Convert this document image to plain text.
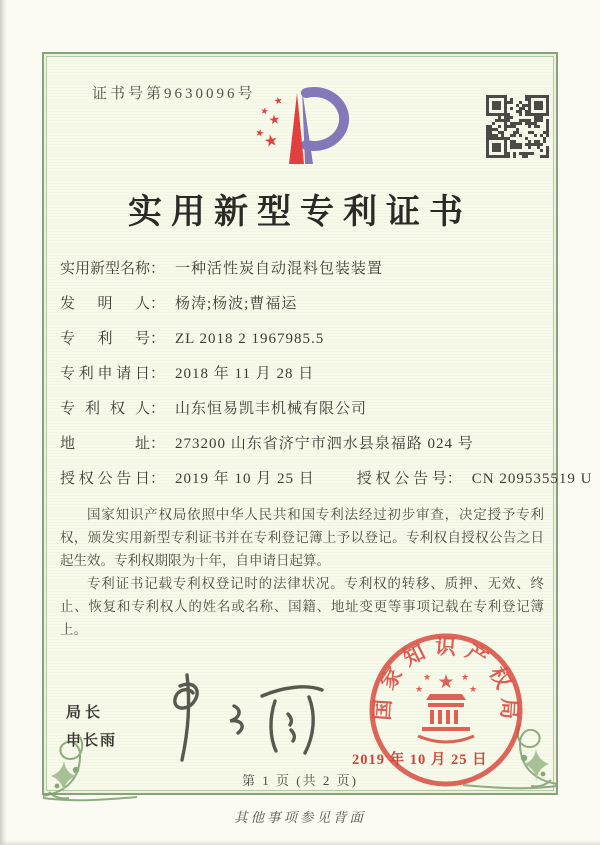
证书号第9630096号 ★
★
★
★
★
实用新型专利证书
实用新型名称： 一种活性炭自动混料包装装置
发明人： 杨涛;杨波;曹福运
专利号： ZL 2018 2 1967985.5
专利申请日： 2018 年 11 月 28 日
专利权人： 山东恒易凯丰机械有限公司
地址： 273200 山东省济宁市泗水县泉福路 024 号
授权公告日： 2019 年 10 月 25 日	授权公告号： CN 209535519 U

国家知识产权局依照中华人民共和国专利法经过初步审查，决定授予专利权，颁发实用新型专利证书并在专利登记簿上予以登记。专利权自授权公告之日起生效。专利权期限为十年，自申请日起算。

专利证书记载专利权登记时的法律状况。专利权的转移、质押、无效、终止、恢复和专利权人的姓名或名称、国籍、地址变更等事项记载在专利登记簿上。

局长
申长雨
国家知识产权局
★
★	★
★	★
2019 年 10 月 25 日
第 1 页 (共 2 页)
其他事项参见背面
